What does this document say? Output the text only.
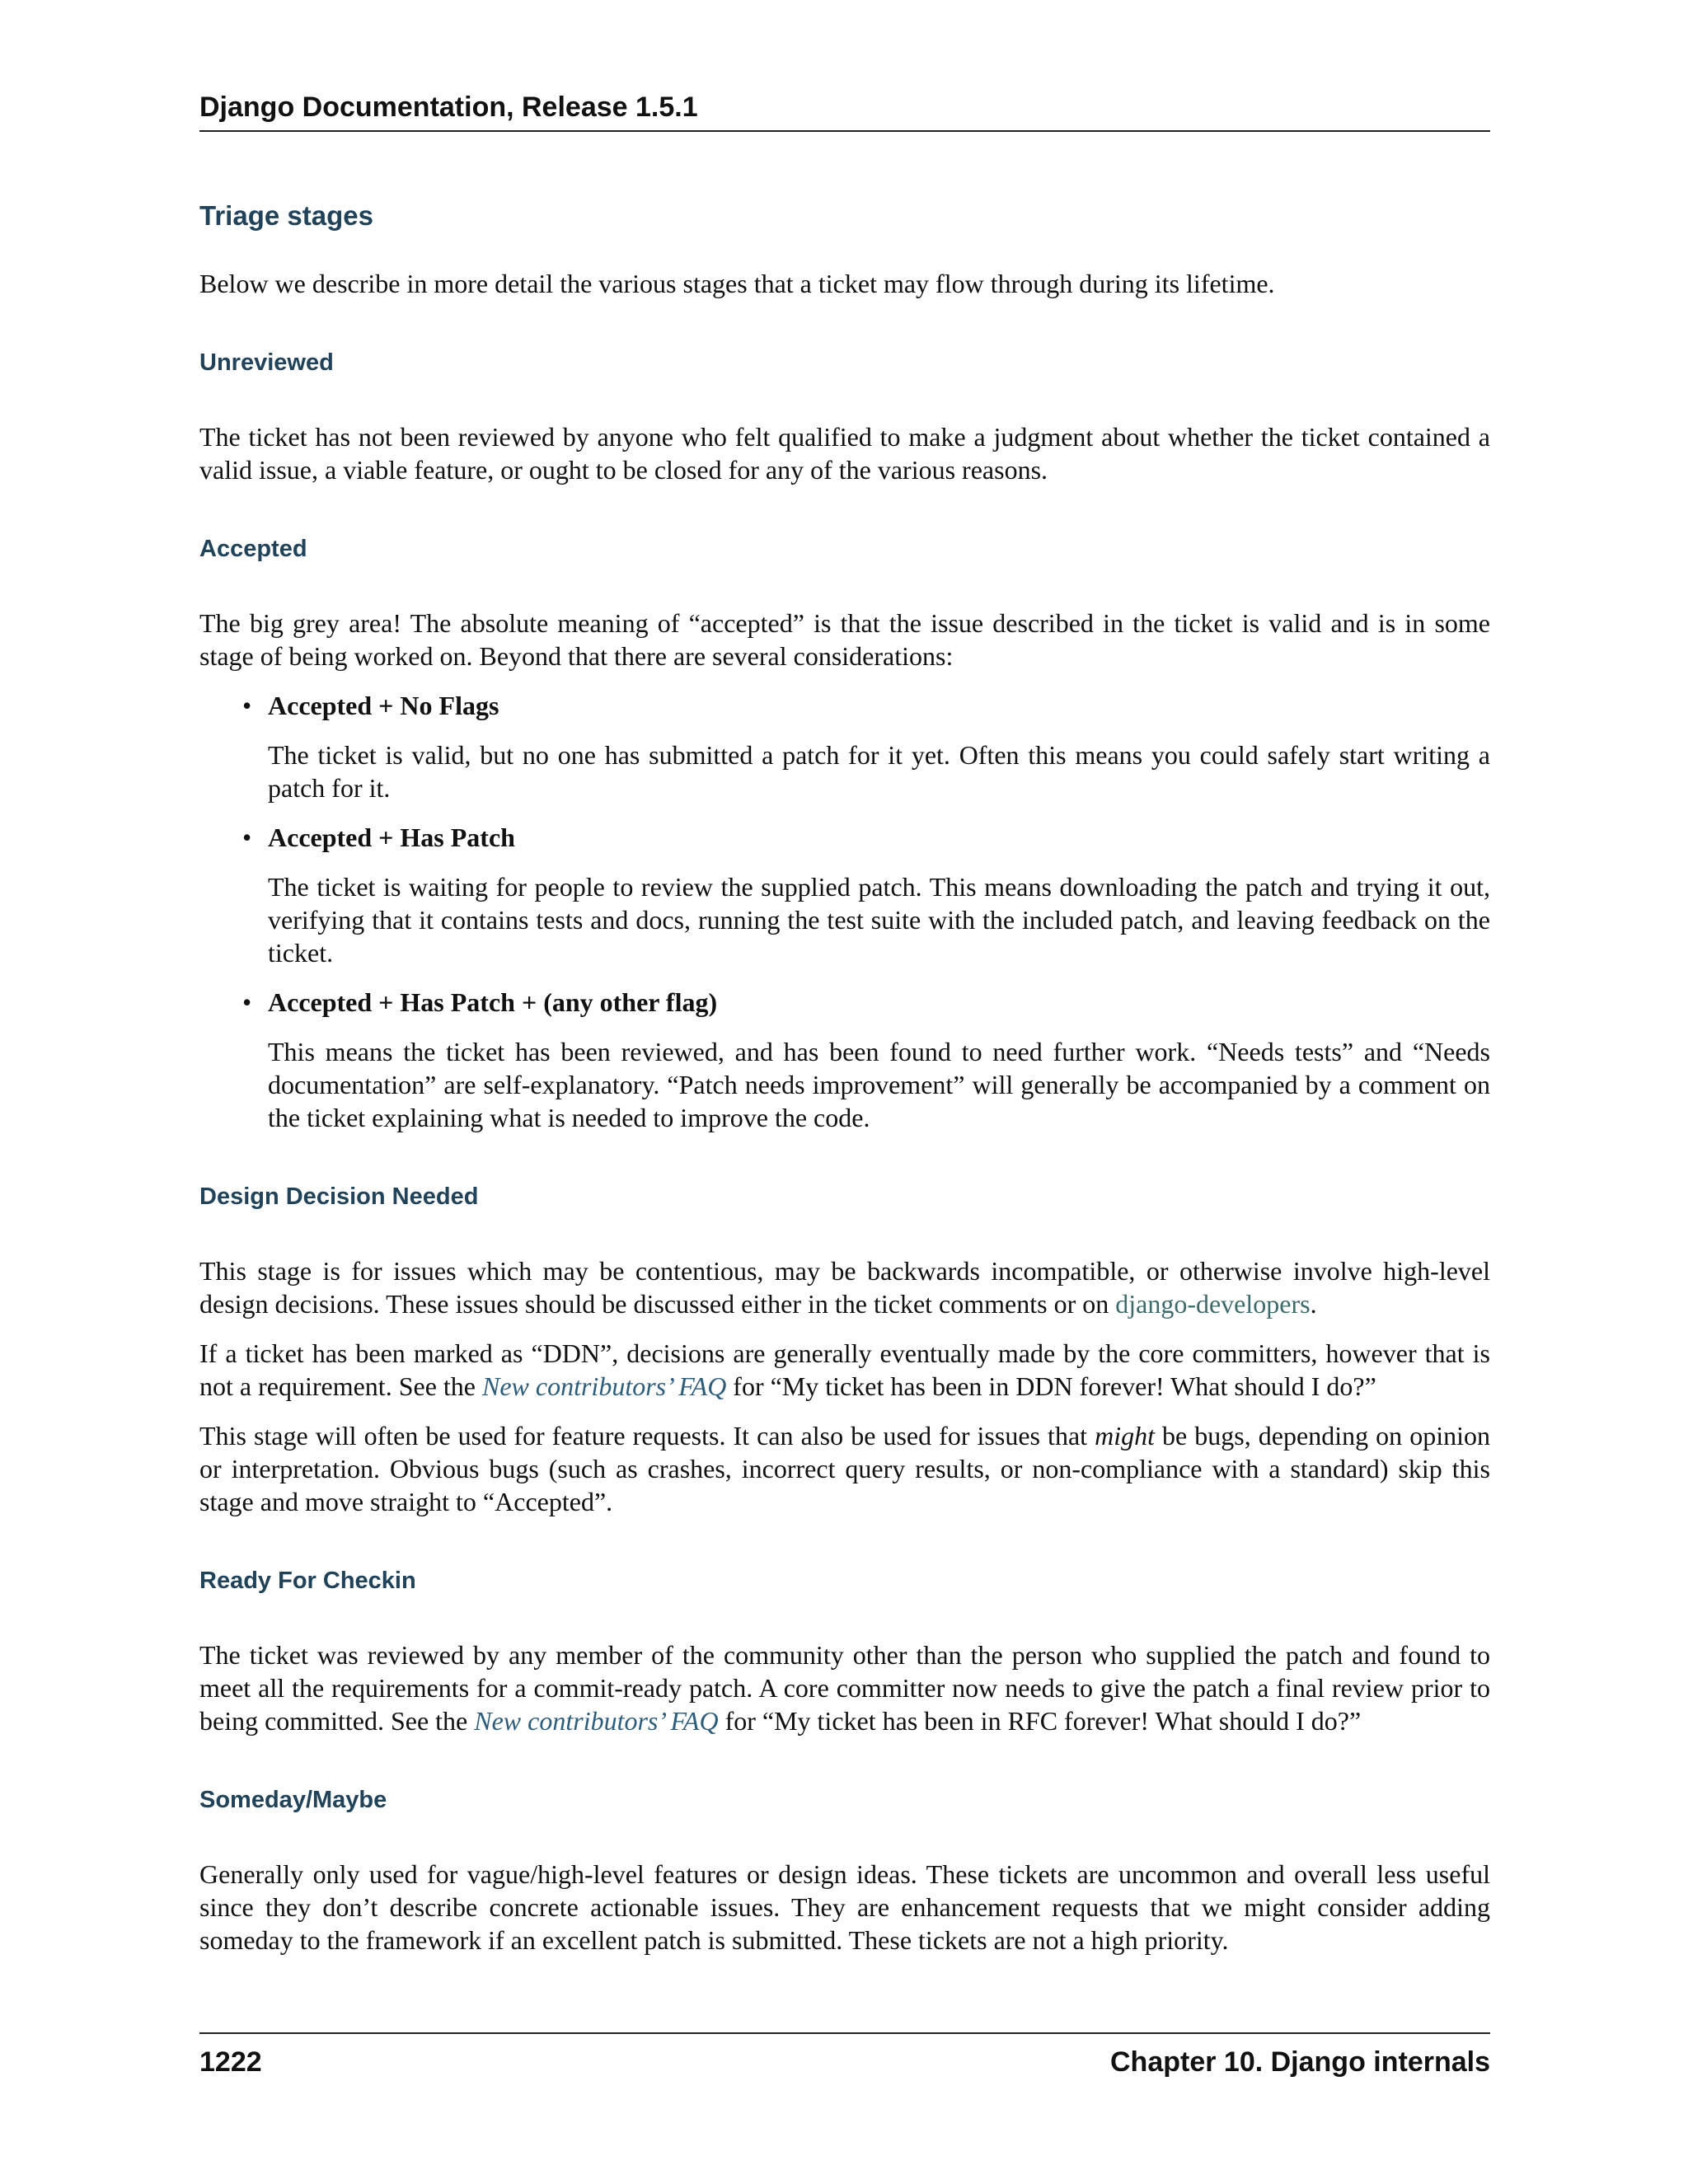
Django Documentation, Release 1.5.1
Triage stages

Below we describe in more detail the various stages that a ticket may flow through during its lifetime.

Unreviewed

The ticket has not been reviewed by anyone who felt qualified to make a judgment about whether the ticket contained a valid issue, a viable feature, or ought to be closed for any of the various reasons.

Accepted

The big grey area! The absolute meaning of “accepted” is that the issue described in the ticket is valid and is in some stage of being worked on. Beyond that there are several considerations:

• Accepted + No Flags

The ticket is valid, but no one has submitted a patch for it yet. Often this means you could safely start writing a patch for it.

• Accepted + Has Patch

The ticket is waiting for people to review the supplied patch. This means downloading the patch and trying it out, verifying that it contains tests and docs, running the test suite with the included patch, and leaving feedback on the ticket.

• Accepted + Has Patch + (any other flag)

This means the ticket has been reviewed, and has been found to need further work. “Needs tests” and “Needs documentation” are self-explanatory. “Patch needs improvement” will generally be accompanied by a comment on the ticket explaining what is needed to improve the code.

Design Decision Needed

This stage is for issues which may be contentious, may be backwards incompatible, or otherwise involve high-level design decisions. These issues should be discussed either in the ticket comments or on django-developers.

If a ticket has been marked as “DDN”, decisions are generally eventually made by the core committers, however that is not a requirement. See the New contributors’ FAQ for “My ticket has been in DDN forever! What should I do?”

This stage will often be used for feature requests. It can also be used for issues that might be bugs, depending on opinion or interpretation. Obvious bugs (such as crashes, incorrect query results, or non-compliance with a standard) skip this stage and move straight to “Accepted”.

Ready For Checkin

The ticket was reviewed by any member of the community other than the person who supplied the patch and found to meet all the requirements for a commit-ready patch. A core committer now needs to give the patch a final review prior to being committed. See the New contributors’ FAQ for “My ticket has been in RFC forever! What should I do?”

Someday/Maybe

Generally only used for vague/high-level features or design ideas. These tickets are uncommon and overall less useful since they don’t describe concrete actionable issues. They are enhancement requests that we might consider adding someday to the framework if an excellent patch is submitted. These tickets are not a high priority.

1222	Chapter 10. Django internals
